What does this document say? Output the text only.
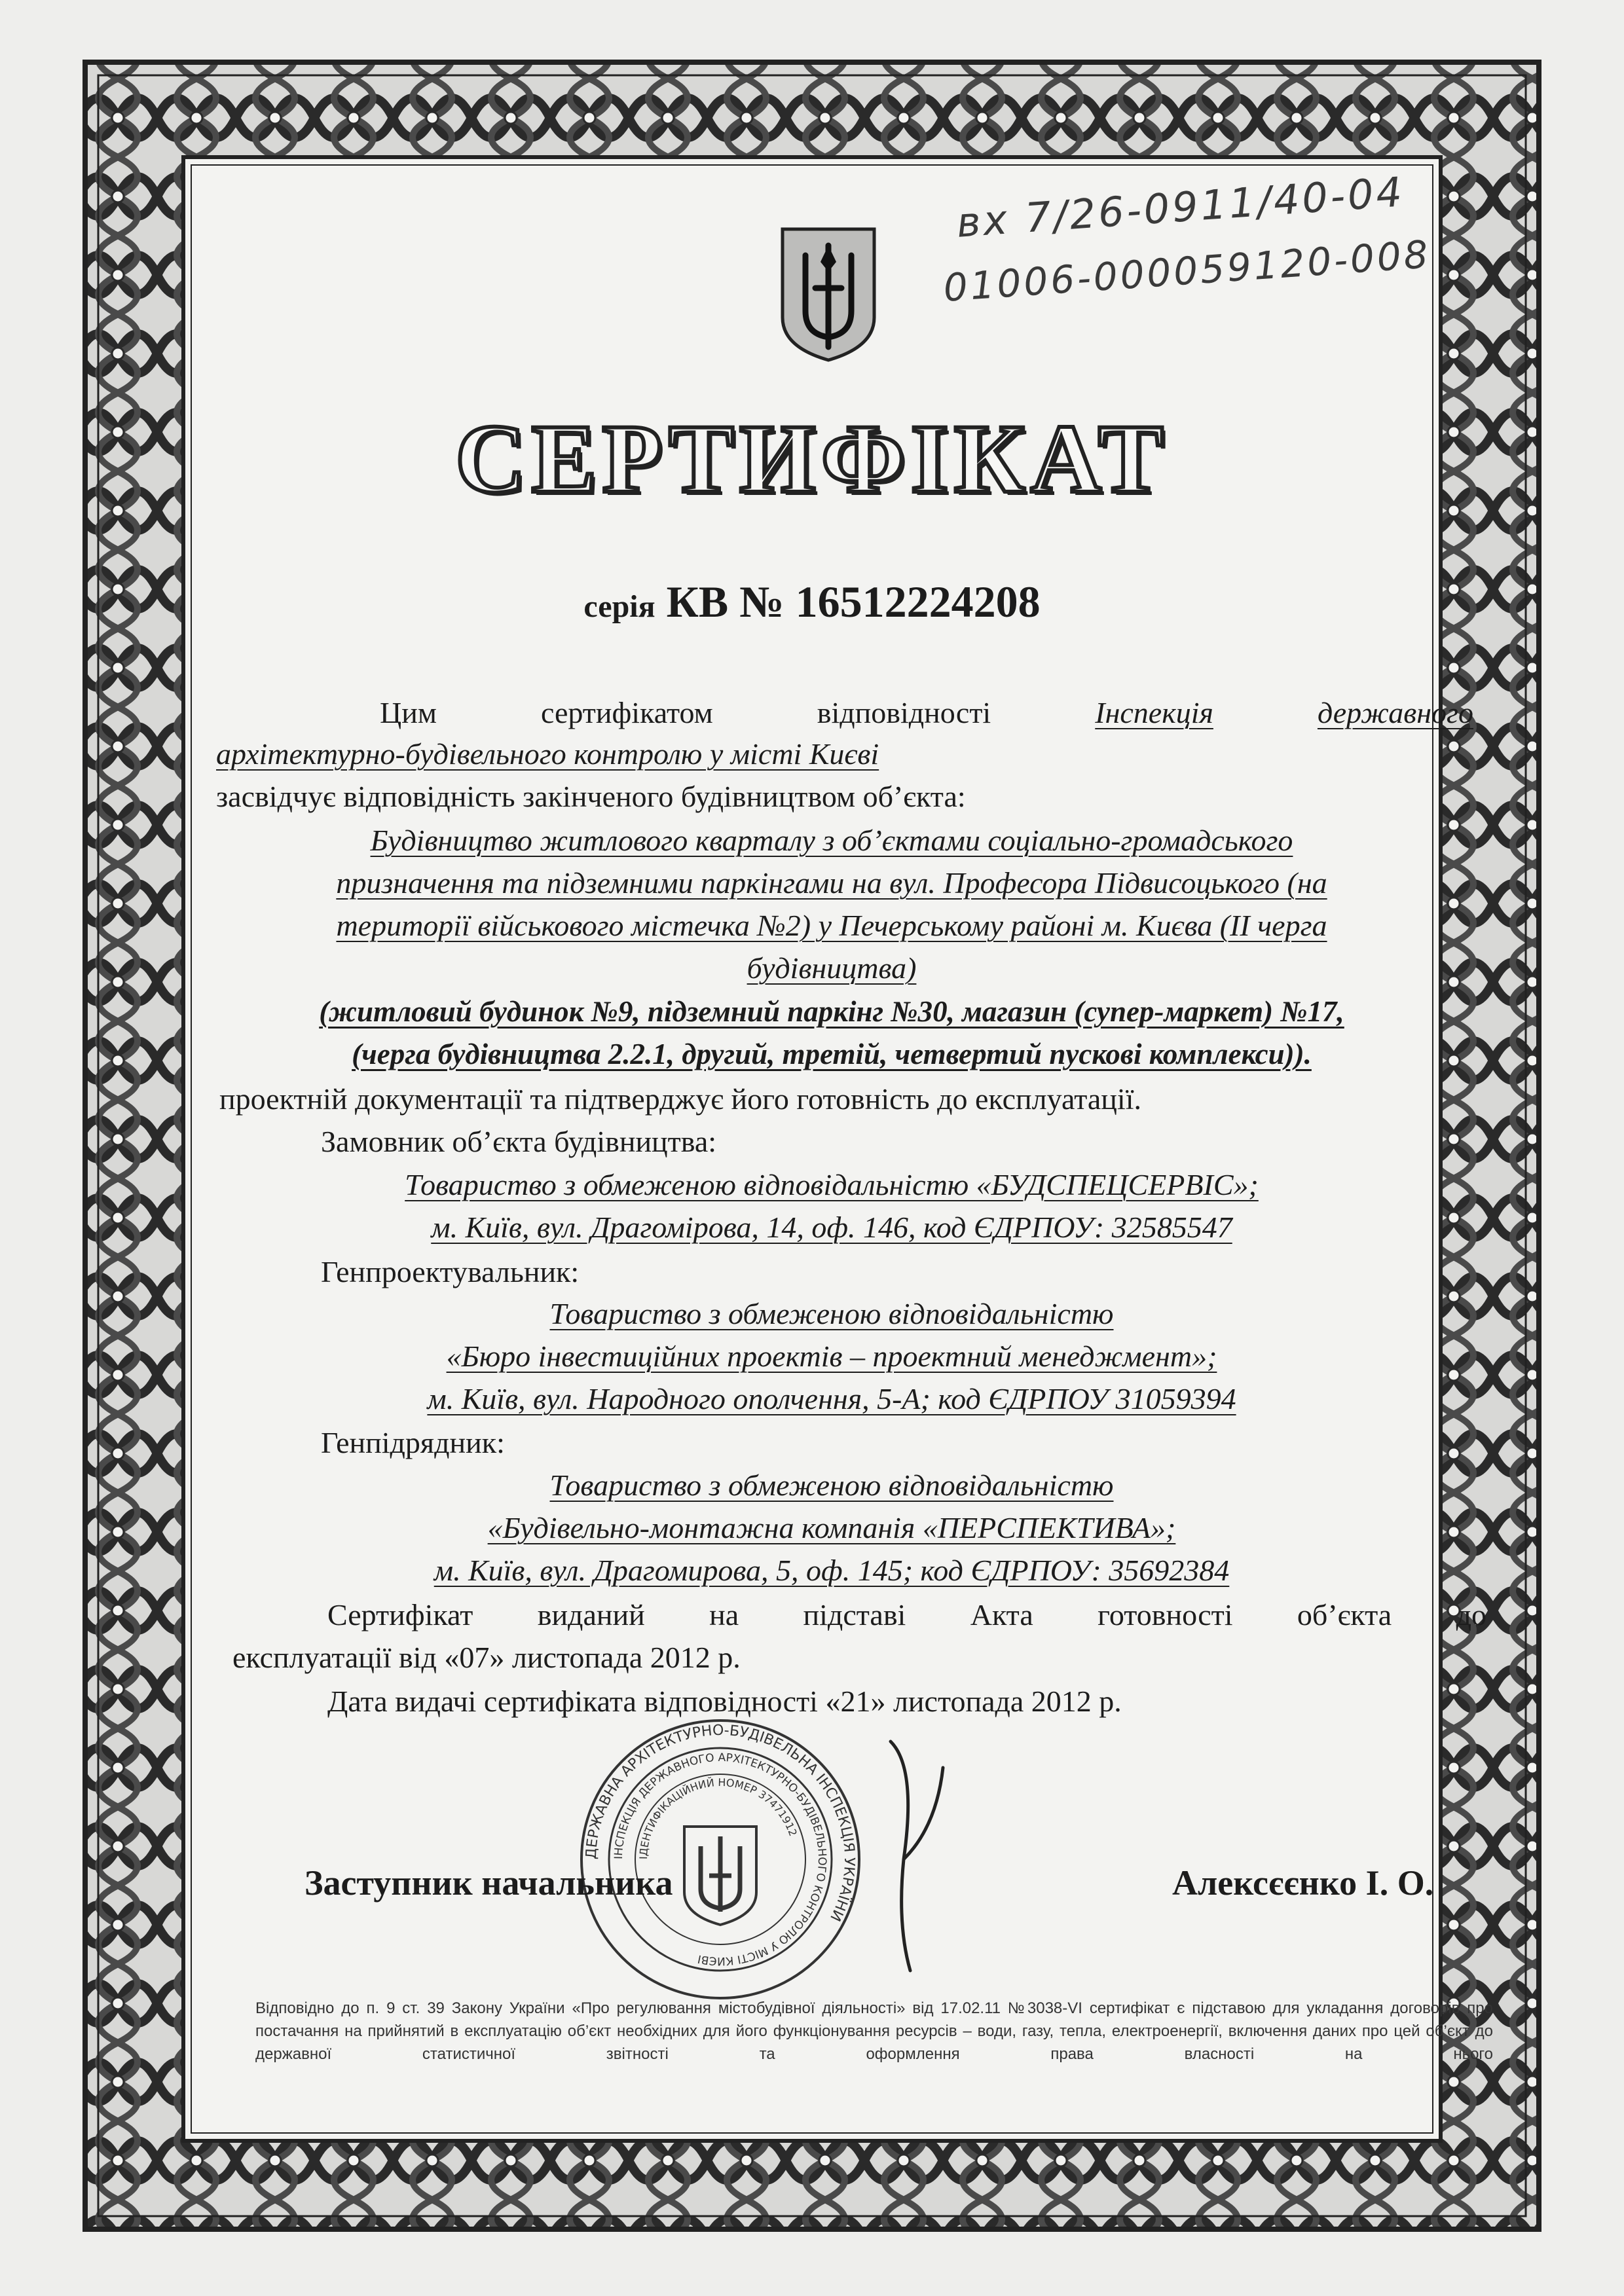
вх 7/26-0911/40-04
01006-000059120-008
СЕРТИФІКАТ
серія КВ № 16512224208
Цим	сертифікатом	відповідності	Інспекція	державного
архітектурно-будівельного контролю у місті Києві
засвідчує відповідність закінченого будівництвом об’єкта:
Будівництво житлового кварталу з об’єктами соціально-громадського
призначення та підземними паркінгами на вул. Професора Підвисоцького (на
території військового містечка №2) у Печерському районі м. Києва (ІІ черга
будівництва)
(житловий будинок №9, підземний паркінг №30, магазин (супер-маркет) №17,
(черга будівництва 2.2.1, другий, третій, четвертий пускові комплекси)).
проектній документації та підтверджує його готовність до експлуатації.
Замовник об’єкта будівництва:
Товариство з обмеженою відповідальністю «БУДСПЕЦСЕРВІС»;
м. Київ, вул. Драгомірова, 14, оф. 146, код ЄДРПОУ: 32585547
Генпроектувальник:
Товариство з обмеженою відповідальністю
«Бюро інвестиційних проектів – проектний менеджмент»;
м. Київ, вул. Народного ополчення, 5-А; код ЄДРПОУ 31059394
Генпідрядник:
Товариство з обмеженою відповідальністю
«Будівельно-монтажна компанія «ПЕРСПЕКТИВА»;
м. Київ, вул. Драгомирова, 5, оф. 145; код ЄДРПОУ: 35692384
Сертифікат виданий на підставі Акта готовності об’єкта до
експлуатації від «07» листопада 2012 р.
Дата видачі сертифіката відповідності «21» листопада 2012 р.
ДЕРЖАВНА АРХІТЕКТУРНО-БУДІВЕЛЬНА ІНСПЕКЦІЯ УКРАЇНИ
ІНСПЕКЦІЯ ДЕРЖАВНОГО АРХІТЕКТУРНО-БУДІВЕЛЬНОГО КОНТРОЛЮ У МІСТІ КИЄВІ
ІДЕНТИФІКАЦІЙНИЙ НОМЕР 37471912
Заступник начальника	Алексєєнко І. О.
Відповідно до п. 9 ст. 39 Закону України «Про регулювання містобудівної діяльності» від 17.02.11 №3038-VI сертифікат є підставою для укладання договорів про постачання на прийнятий в експлуатацію об’єкт необхідних для його функціонування ресурсів – води, газу, тепла, електроенергії, включення даних про цей об’єкт до державної статистичної звітності та оформлення права власності на нього
